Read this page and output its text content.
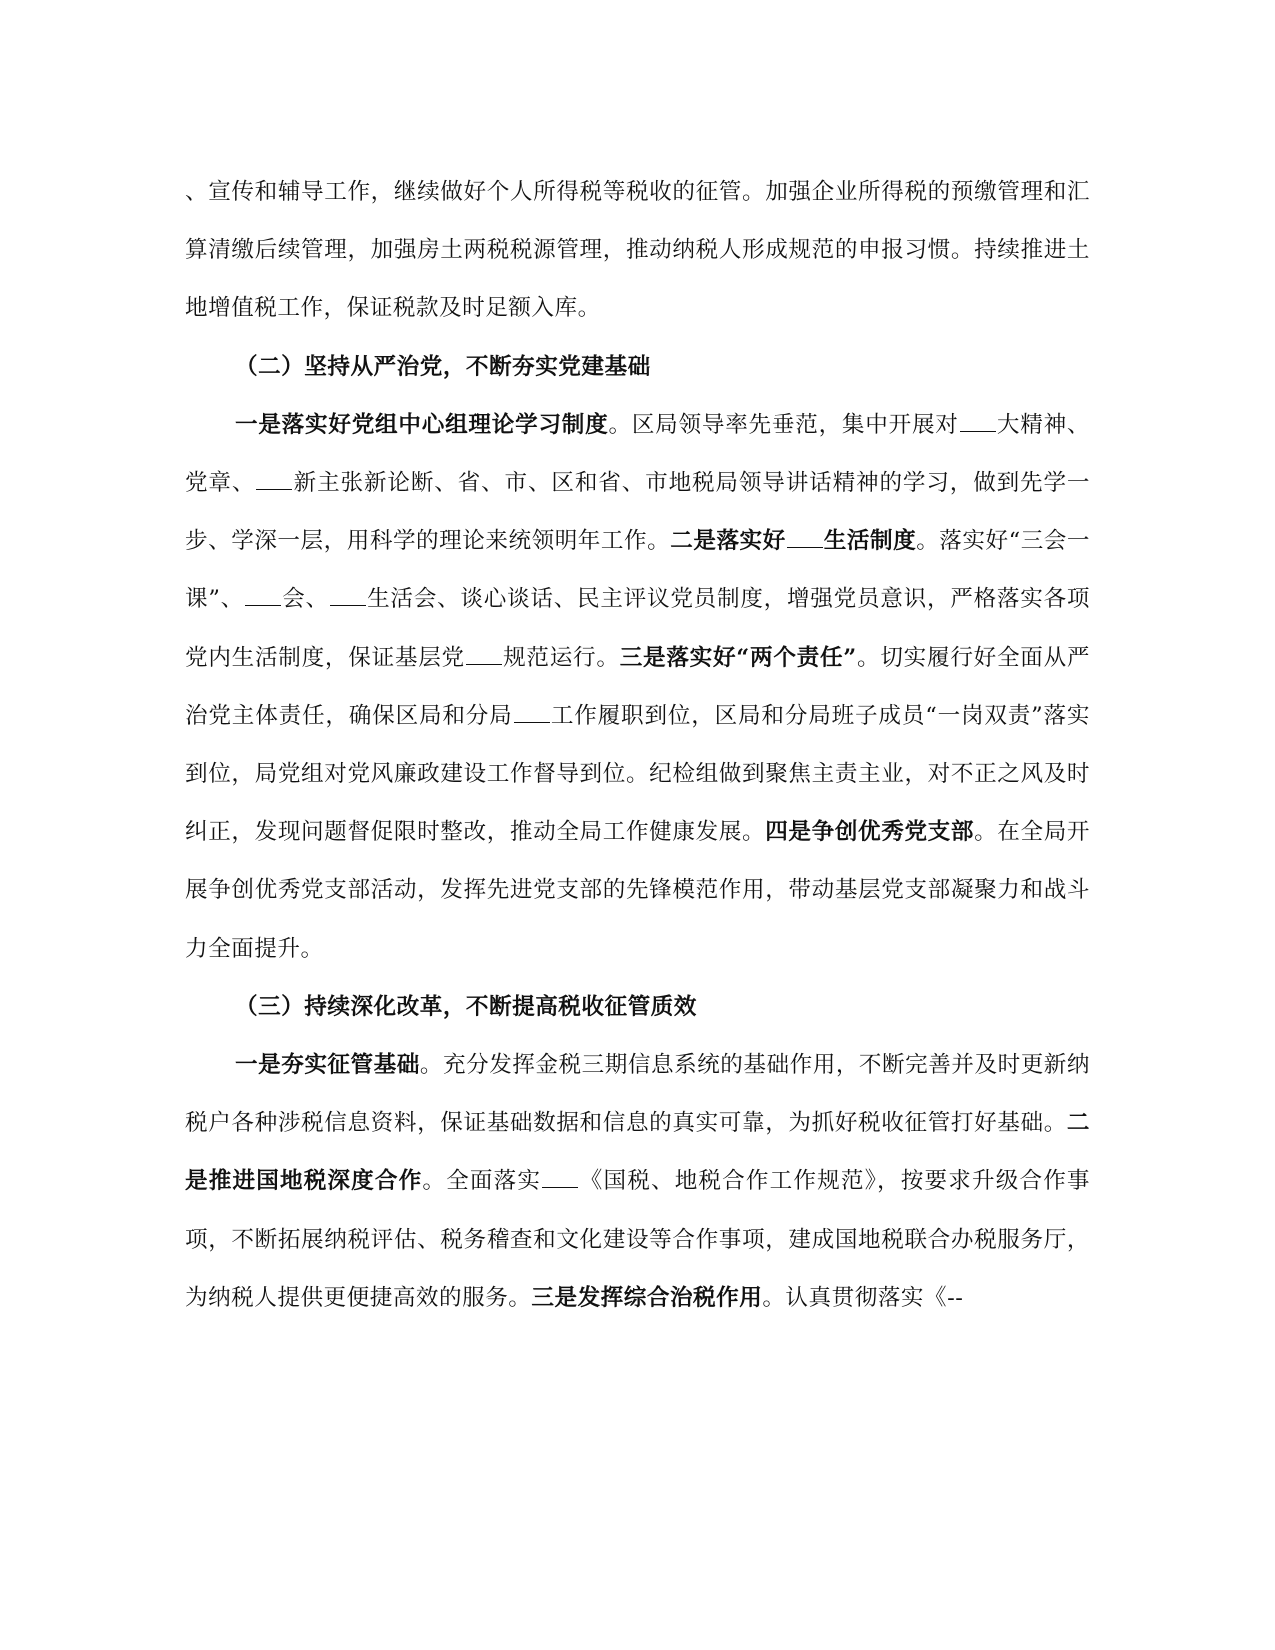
、宣传和辅导工作，继续做好个人所得税等税收的征管。加强企业所得税的预缴管理和汇算清缴后续管理，加强房土两税税源管理，推动纳税人形成规范的申报习惯。持续推进土地增值税工作，保证税款及时足额入库。

（二）坚持从严治党，不断夯实党建基础

一是落实好党组中心组理论学习制度。区局领导率先垂范，集中开展对 大精神、党章、 新主张新论断、省、市、区和省、市地税局领导讲话精神的学习，做到先学一步、学深一层，用科学的理论来统领明年工作。二是落实好 生活制度。落实好“三会一课”、 会、 生活会、谈心谈话、民主评议党员制度，增强党员意识，严格落实各项党内生活制度，保证基层党 规范运行。三是落实好“两个责任”。切实履行好全面从严治党主体责任，确保区局和分局 工作履职到位，区局和分局班子成员“一岗双责”落实到位，局党组对党风廉政建设工作督导到位。纪检组做到聚焦主责主业，对不正之风及时纠正，发现问题督促限时整改，推动全局工作健康发展。四是争创优秀党支部。在全局开展争创优秀党支部活动，发挥先进党支部的先锋模范作用，带动基层党支部凝聚力和战斗力全面提升。

（三）持续深化改革，不断提高税收征管质效

一是夯实征管基础。充分发挥金税三期信息系统的基础作用，不断完善并及时更新纳税户各种涉税信息资料，保证基础数据和信息的真实可靠，为抓好税收征管打好基础。二是推进国地税深度合作。全面落实 《国税、地税合作工作规范》，按要求升级合作事项，不断拓展纳税评估、税务稽查和文化建设等合作事项，建成国地税联合办税服务厅，为纳税人提供更便捷高效的服务。三是发挥综合治税作用。认真贯彻落实《--
